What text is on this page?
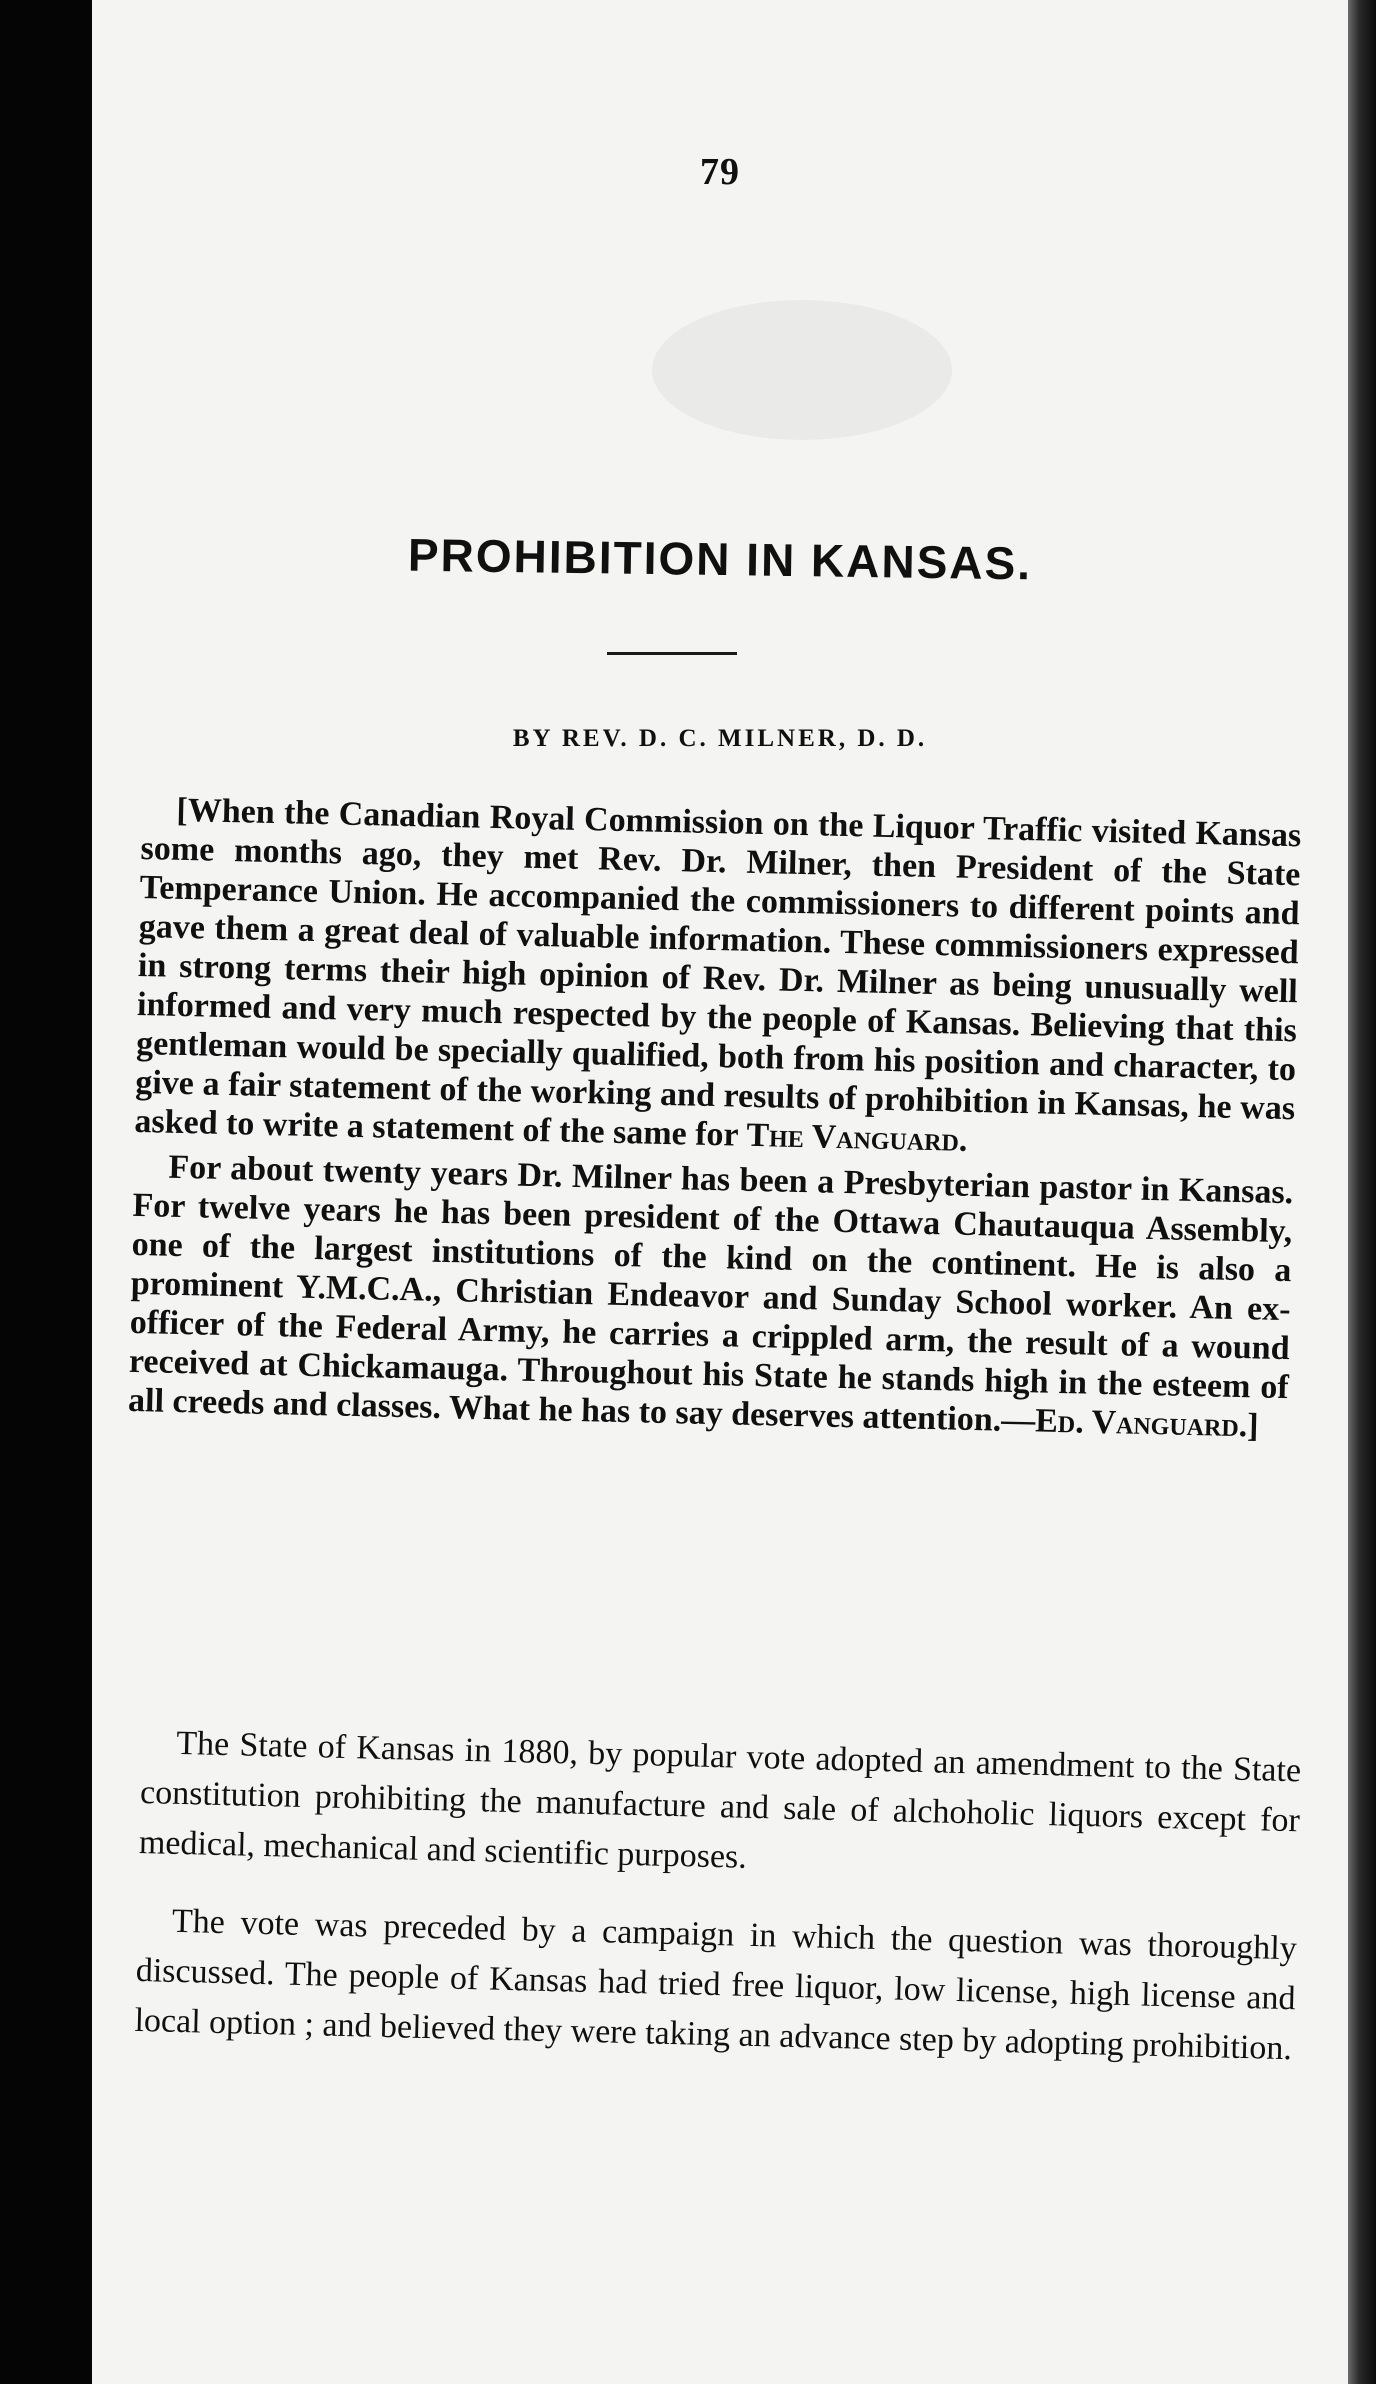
79
PROHIBITION IN KANSAS.
BY REV. D. C. MILNER, D. D.

[When the Canadian Royal Commission on the Liquor Traffic visited Kansas some months ago, they met Rev. Dr. Milner, then President of the State Temperance Union. He accompanied the commissioners to different points and gave them a great deal of valuable information. These commissioners expressed in strong terms their high opinion of Rev. Dr. Milner as being unusually well informed and very much respected by the people of Kansas. Believing that this gentleman would be specially qualified, both from his position and character, to give a fair statement of the working and results of prohibition in Kansas, he was asked to write a statement of the same for The Vanguard.

For about twenty years Dr. Milner has been a Presbyterian pastor in Kansas. For twelve years he has been president of the Ottawa Chautauqua Assembly, one of the largest institutions of the kind on the continent. He is also a prominent Y.M.C.A., Christian Endeavor and Sunday School worker. An ex-officer of the Federal Army, he carries a crippled arm, the result of a wound received at Chickamauga. Throughout his State he stands high in the esteem of all creeds and classes. What he has to say deserves attention.—Ed. Vanguard.]

The State of Kansas in 1880, by popular vote adopted an amendment to the State constitution prohibiting the manufacture and sale of alchoholic liquors except for medical, mechanical and scientific purposes.

The vote was preceded by a campaign in which the question was thoroughly discussed. The people of Kansas had tried free liquor, low license, high license and local option ; and believed they were taking an advance step by adopting prohibition.
